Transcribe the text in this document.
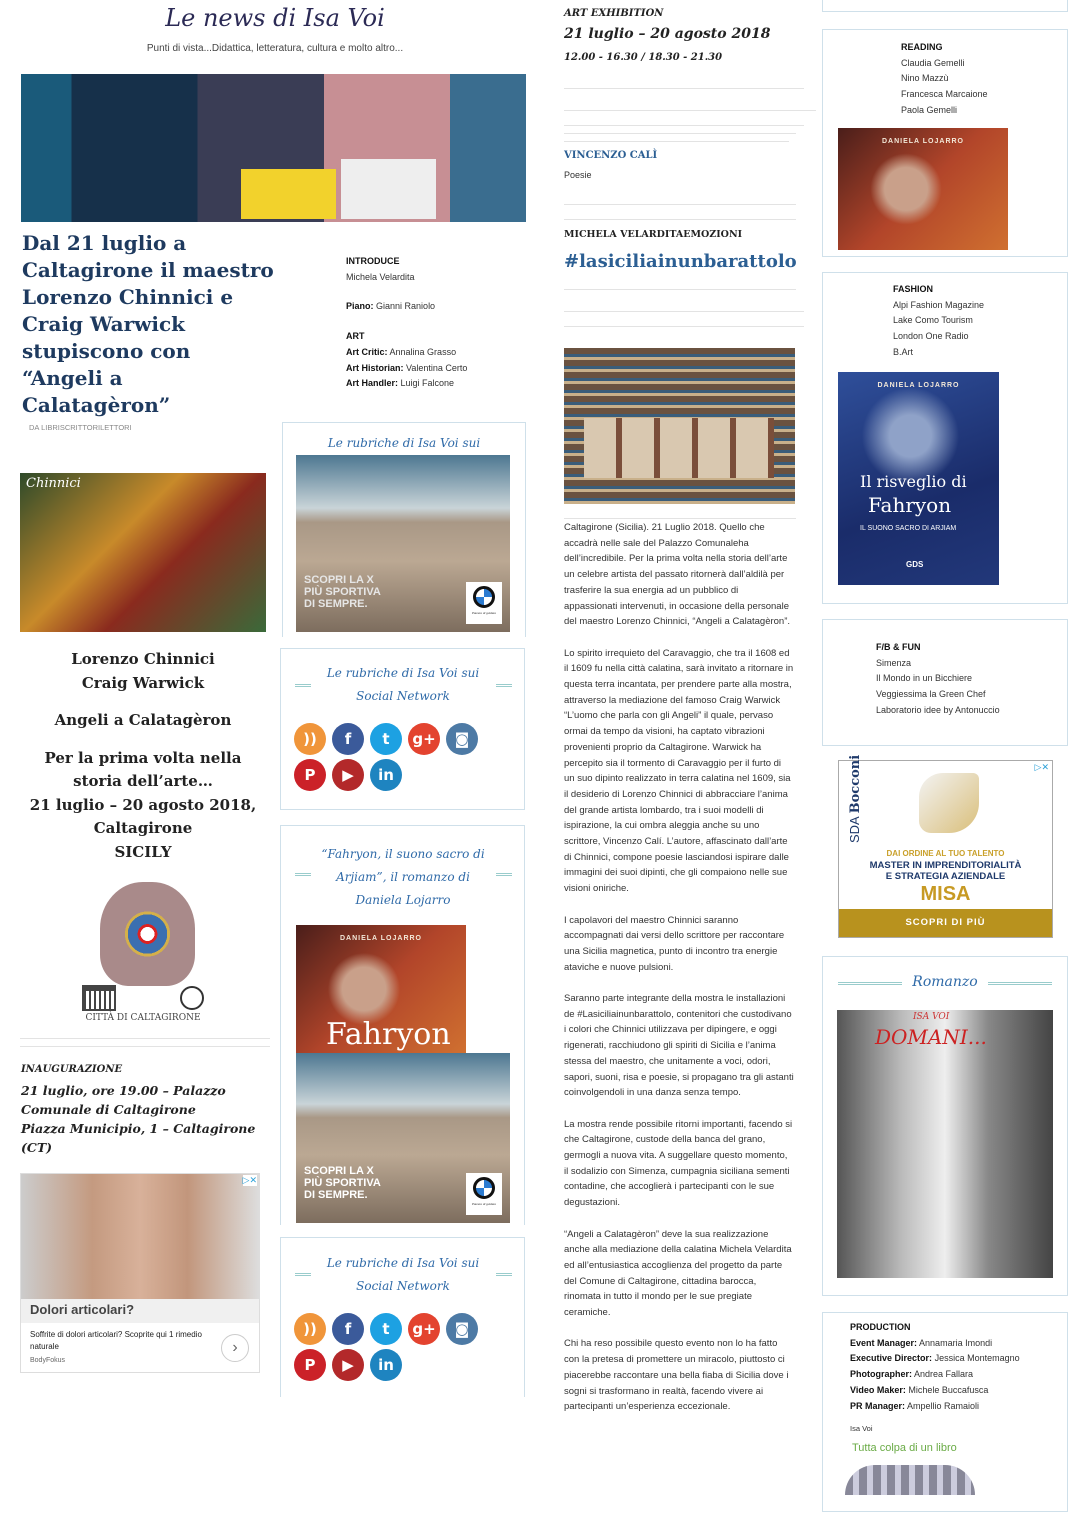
Le news di Isa Voi
Punti di vista...Didattica, letteratura, cultura e molto altro...
Dal 21 luglio a Caltagirone il maestro Lorenzo Chinnici e Craig Warwick stupiscono con “Angeli a Calatagèron”
DA LIBRISCRITTORILETTORI
Chinnici
Lorenzo Chinnici
Craig Warwick
Angeli a Calatagèron
Per la prima volta nella
storia dell’arte…
21 luglio – 20 agosto 2018,
Caltagirone
SICILY
CITTÀ DI CALTAGIRONE
INAUGURAZIONE
21 luglio, ore 19.00 – Palazzo
Comunale di Caltagirone
Piazza Municipio, 1 – Caltagirone
(CT)
▷✕
Dolori articolari?
Soffrite di dolori articolari? Scoprite qui 1 rimedio naturale
BodyFokus
›
INTRODUCE
Michela Velardita
Piano: Gianni Raniolo
ART
Art Critic: Annalina Grasso
Art Historian: Valentina Certo
Art Handler: Luigi Falcone
Le rubriche di Isa Voi sui
SCOPRI LA X
PIÙ SPORTIVA
DI SEMPRE.
Piacere di guidare
Le rubriche di Isa Voi sui
Social Network
))	f	t	g+	◙
P	▶	in
“Fahryon, il suono sacro di
Arjiam”, il romanzo di
Daniela Lojarro
DANIELA LOJARRO
Fahryon
SCOPRI LA X
PIÙ SPORTIVA
DI SEMPRE.
Piacere di guidare
Le rubriche di Isa Voi sui
Social Network
))	f	t	g+	◙
P	▶	in
ART EXHIBITION
21 luglio – 20 agosto 2018
12.00 - 16.30 / 18.30 - 21.30
VINCENZO CALÌ
Poesie
MICHELA VELARDITAEMOZIONI
#lasiciliainunbarattolo

Caltagirone (Sicilia). 21 Luglio 2018. Quello che accadrà nelle sale del Palazzo Comunaleha dell’incredibile. Per la prima volta nella storia dell’arte un celebre artista del passato ritornerà dall’aldilà per trasferire la sua energia ad un pubblico di appassionati intervenuti, in occasione della personale del maestro Lorenzo Chinnici, “Angeli a Calatagèron”.

Lo spirito irrequieto del Caravaggio, che tra il 1608 ed il 1609 fu nella città calatina, sarà invitato a ritornare in questa terra incantata, per prendere parte alla mostra, attraverso la mediazione del famoso Craig Warwick “L’uomo che parla con gli Angeli” il quale, pervaso ormai da tempo da visioni, ha captato vibrazioni provenienti proprio da Caltagirone. Warwick ha percepito sia il tormento di Caravaggio per il furto di un suo dipinto realizzato in terra calatina nel 1609, sia il desiderio di Lorenzo Chinnici di abbracciare l’anima del grande artista lombardo, tra i suoi modelli di ispirazione, la cui ombra aleggia anche su uno scrittore, Vincenzo Calí. L’autore, affascinato dall’arte di Chinnici, compone poesie lasciandosi ispirare dalle immagini dei suoi dipinti, che gli compaiono nelle sue visioni oniriche.

I capolavori del maestro Chinnici saranno accompagnati dai versi dello scrittore per raccontare una Sicilia magnetica, punto di incontro tra energie ataviche e nuove pulsioni.

Saranno parte integrante della mostra le installazioni de #Lasiciliainunbarattolo, contenitori che custodivano i colori che Chinnici utilizzava per dipingere, e oggi rigenerati, racchiudono gli spiriti di Sicilia e l’anima stessa del maestro, che unitamente a voci, odori, sapori, suoni, risa e poesie, si propagano tra gli astanti coinvolgendoli in una danza senza tempo.

La mostra rende possibile ritorni importanti, facendo si che Caltagirone, custode della banca del grano, germogli a nuova vita. A suggellare questo momento, il sodalizio con Simenza, cumpagnia siciliana sementi contadine, che accoglierà i partecipanti con le sue degustazioni.

“Angeli a Calatagèron” deve la sua realizzazione anche alla mediazione della calatina Michela Velardita ed all’entusiastica accoglienza del progetto da parte del Comune di Caltagirone, cittadina barocca, rinomata in tutto il mondo per le sue pregiate ceramiche.

Chi ha reso possibile questo evento non lo ha fatto con la pretesa di promettere un miracolo, piuttosto ci piacerebbe raccontare una bella fiaba di Sicilia dove i sogni si trasformano in realtà, facendo vivere ai partecipanti un’esperienza eccezionale.

READING
Claudia Gemelli
Nino Mazzù
Francesca Marcaione
Paola Gemelli
DANIELA LOJARRO
FASHION
Alpi Fashion Magazine
Lake Como Tourism
London One Radio
B.Art
DANIELA LOJARRO
Il risveglio di
Fahryon
IL SUONO SACRO DI ARJIAM
GDS
F/B & FUN
Simenza
Il Mondo in un Bicchiere
Veggiessima la Green Chef
Laboratorio idee by Antonuccio
▷✕
SDA Bocconi
DAI ORDINE AL TUO TALENTO
MASTER IN IMPRENDITORIALITÀ
E STRATEGIA AZIENDALE
MISA
SCOPRI DI PIÙ
Romanzo
ISA VOI
DOMANI...
PRODUCTION
Event Manager: Annamaria Imondi
Executive Director: Jessica Montemagno
Photographer: Andrea Fallara
Video Maker: Michele Buccafusca
PR Manager: Ampellio Ramaioli
Isa Voi
Tutta colpa di un libro
